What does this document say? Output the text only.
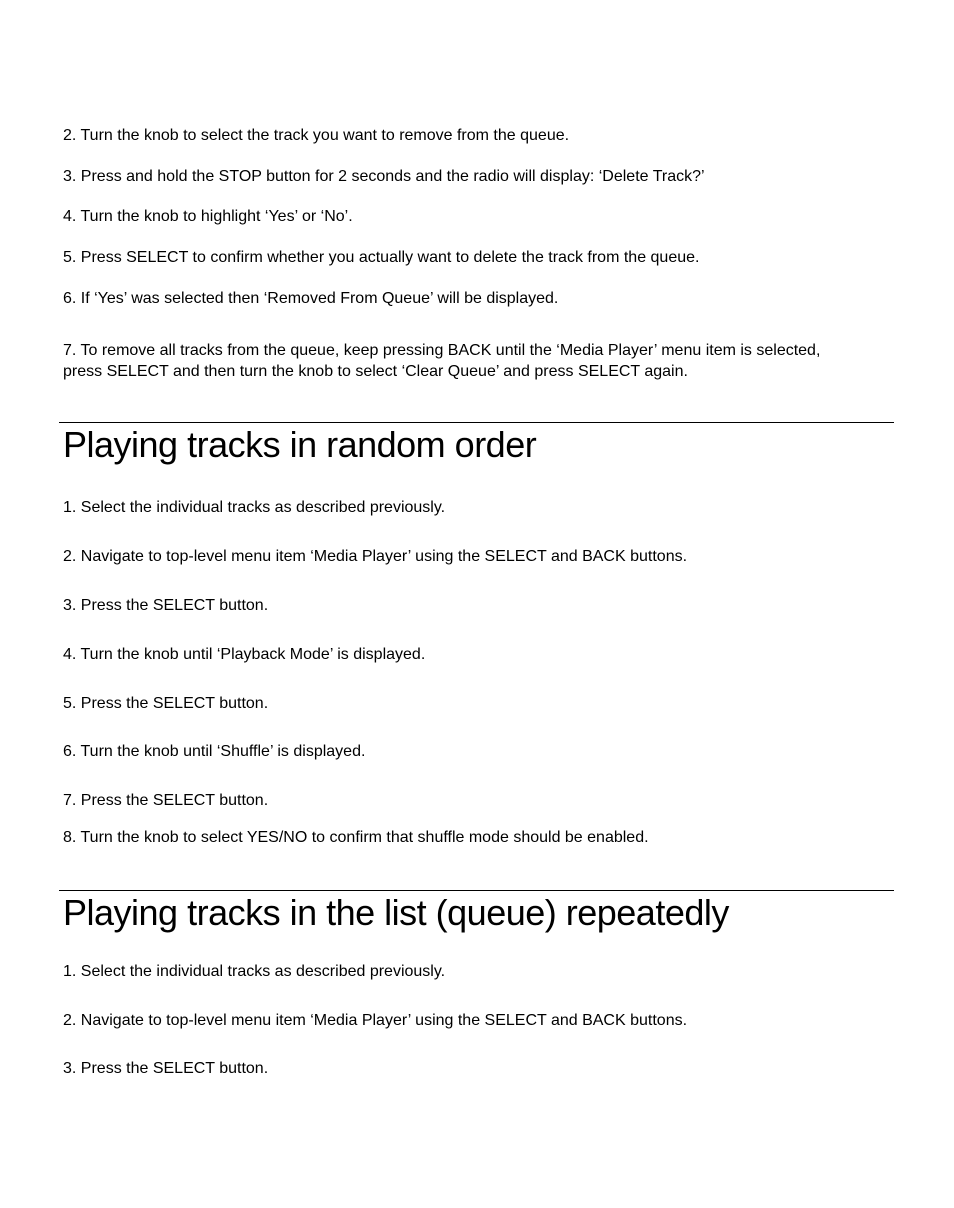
2. Turn the knob to select the track you want to remove from the queue.
3. Press and hold the STOP button for 2 seconds and the radio will display: ‘Delete Track?’
4. Turn the knob to highlight ‘Yes’ or ‘No’.
5. Press SELECT to confirm whether you actually want to delete the track from the queue.
6. If ‘Yes’ was selected then ‘Removed From Queue’ will be displayed.
7. To remove all tracks from the queue, keep pressing BACK until the ‘Media Player’ menu item is selected, press SELECT and then turn the knob to select ‘Clear Queue’ and press SELECT again.
Playing tracks in random order
1. Select the individual tracks as described previously.
2. Navigate to top-level menu item ‘Media Player’ using the SELECT and BACK buttons.
3. Press the SELECT button.
4. Turn the knob until ‘Playback Mode’ is displayed.
5. Press the SELECT button.
6. Turn the knob until ‘Shuffle’ is displayed.
7. Press the SELECT button.
8. Turn the knob to select YES/NO to confirm that shuffle mode should be enabled.
Playing tracks in the list (queue) repeatedly
1. Select the individual tracks as described previously.
2. Navigate to top-level menu item ‘Media Player’ using the SELECT and BACK buttons.
3. Press the SELECT button.
